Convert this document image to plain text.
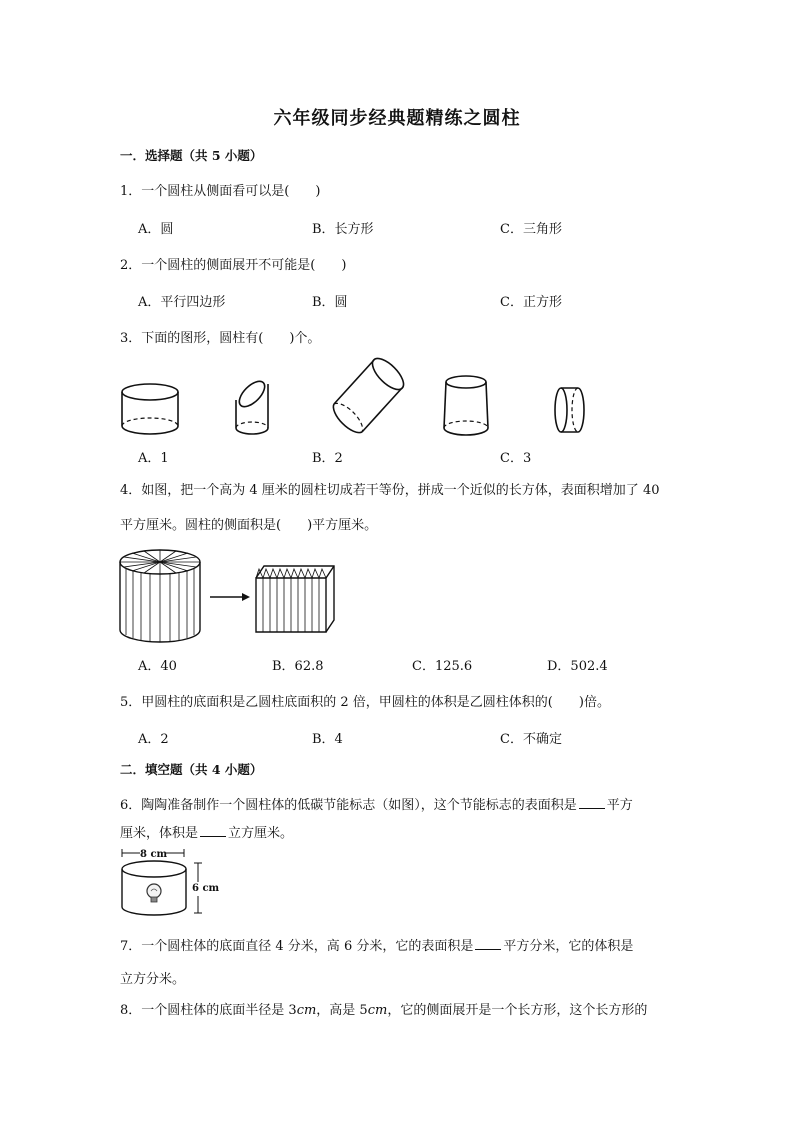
六年级同步经典题精练之圆柱
一．选择题（共 5 小题）
1．一个圆柱从侧面看可以是(　　)
A．圆	B．长方形	C．三角形
2．一个圆柱的侧面展开不可能是(　　)
A．平行四边形	B．圆	C．正方形
3．下面的图形，圆柱有(　　)个。
A．1	B．2	C．3
4．如图，把一个高为 4 厘米的圆柱切成若干等份，拼成一个近似的长方体，表面积增加了 40
平方厘米。圆柱的侧面积是(　　)平方厘米。
A．40	B．62.8	C．125.6	D．502.4
5．甲圆柱的底面积是乙圆柱底面积的 2 倍，甲圆柱的体积是乙圆柱体积的(　　)倍。
A．2	B．4	C．不确定
二．填空题（共 4 小题）
6．陶陶准备制作一个圆柱体的低碳节能标志（如图），这个节能标志的表面积是 平方
厘米，体积是 立方厘米。
8 cm
6 cm
7．一个圆柱体的底面直径 4 分米，高 6 分米，它的表面积是 平方分米，它的体积是
立方分米。
8．一个圆柱体的底面半径是 3cm，高是 5cm，它的侧面展开是一个长方形，这个长方形的
